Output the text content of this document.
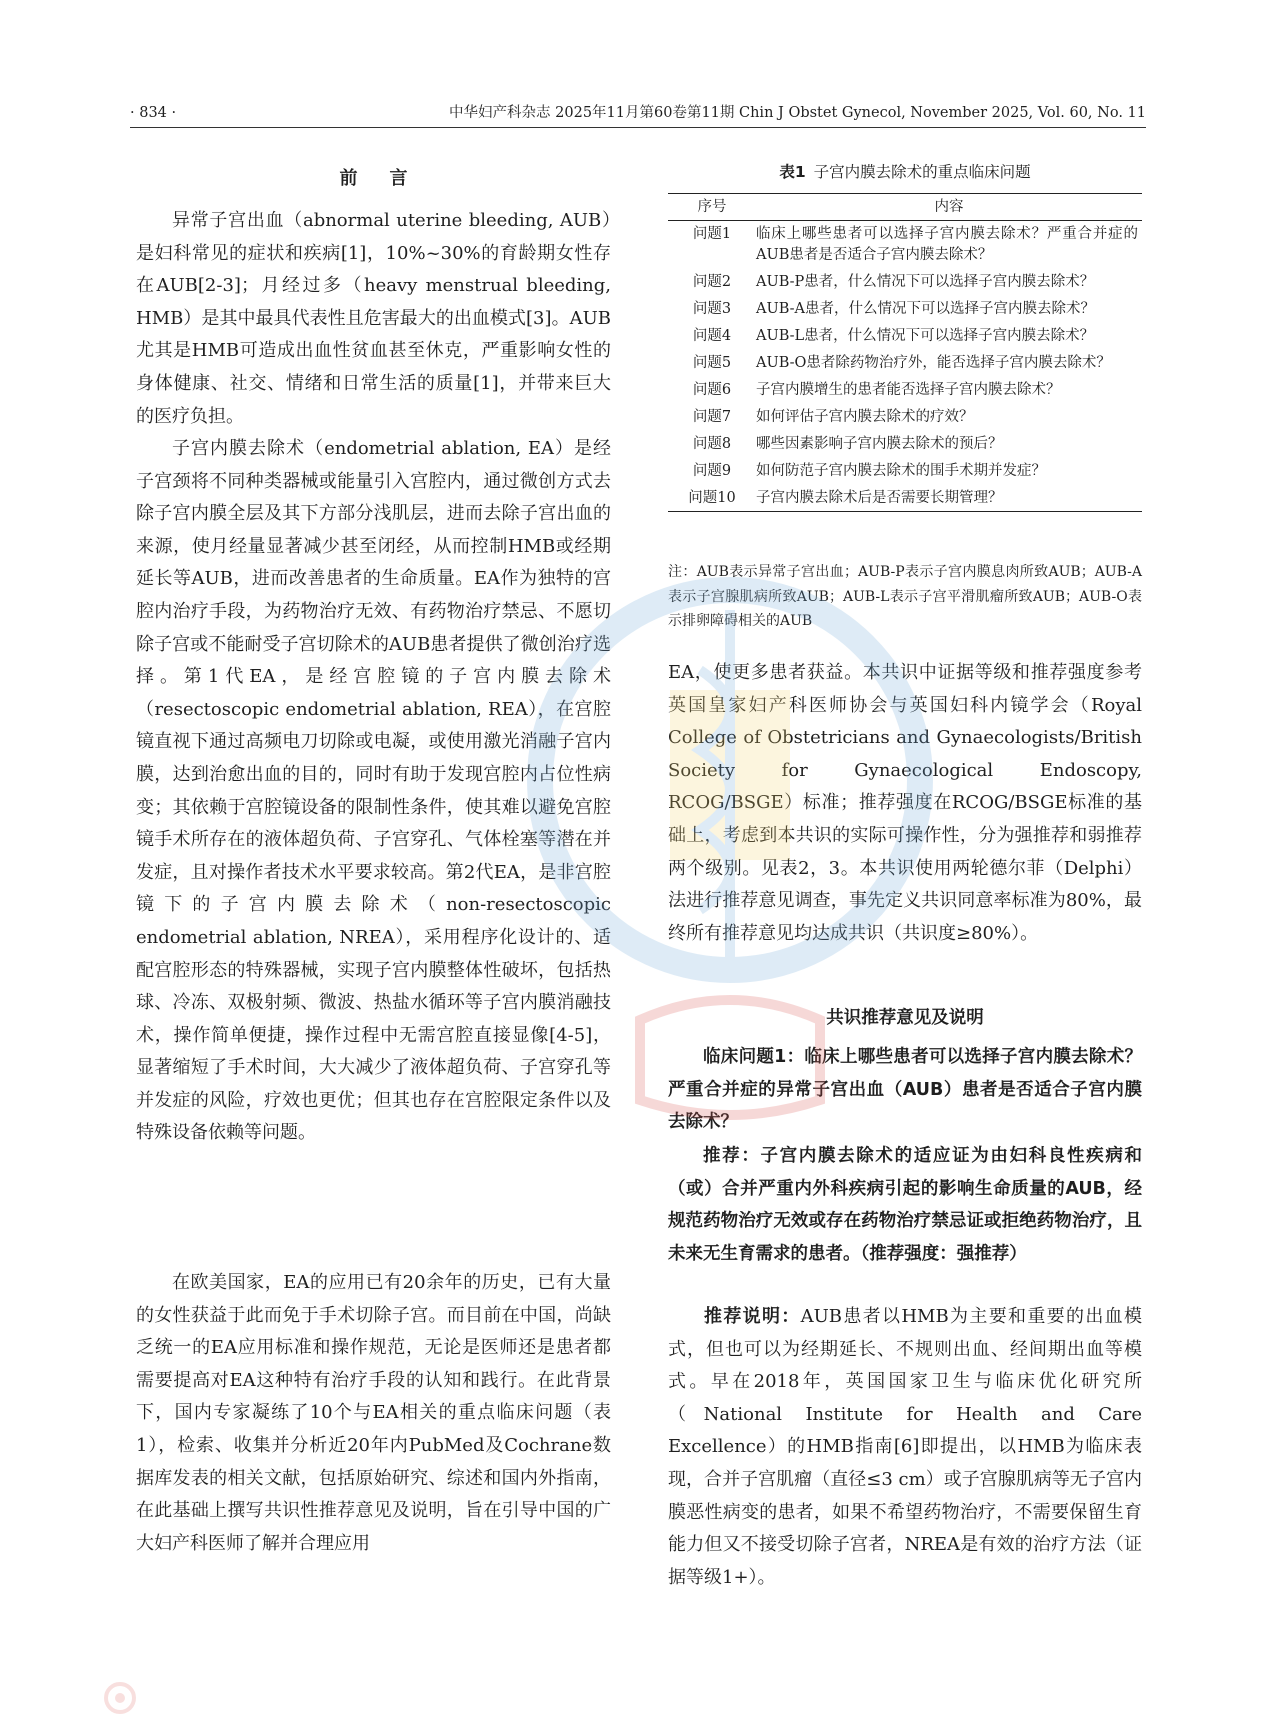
· 834 ·	中华妇产科杂志 2025年11月第60卷第11期 Chin J Obstet Gynecol, November 2025, Vol. 60, No. 11
前言

异常子宫出血（abnormal uterine bleeding, AUB）是妇科常见的症状和疾病[1]，10%~30%的育龄期女性存在AUB[2-3]；月经过多（heavy menstrual bleeding, HMB）是其中最具代表性且危害最大的出血模式[3]。AUB尤其是HMB可造成出血性贫血甚至休克，严重影响女性的身体健康、社交、情绪和日常生活的质量[1]，并带来巨大的医疗负担。

子宫内膜去除术（endometrial ablation, EA）是经子宫颈将不同种类器械或能量引入宫腔内，通过微创方式去除子宫内膜全层及其下方部分浅肌层，进而去除子宫出血的来源，使月经量显著减少甚至闭经，从而控制HMB或经期延长等AUB，进而改善患者的生命质量。EA作为独特的宫腔内治疗手段，为药物治疗无效、有药物治疗禁忌、不愿切除子宫或不能耐受子宫切除术的AUB患者提供了微创治疗选择。第1代EA，是经宫腔镜的子宫内膜去除术（resectoscopic endometrial ablation, REA），在宫腔镜直视下通过高频电刀切除或电凝，或使用激光消融子宫内膜，达到治愈出血的目的，同时有助于发现宫腔内占位性病变；其依赖于宫腔镜设备的限制性条件，使其难以避免宫腔镜手术所存在的液体超负荷、子宫穿孔、气体栓塞等潜在并发症，且对操作者技术水平要求较高。第2代EA，是非宫腔镜下的子宫内膜去除术（non-resectoscopic endometrial ablation, NREA），采用程序化设计的、适配宫腔形态的特殊器械，实现子宫内膜整体性破坏，包括热球、冷冻、双极射频、微波、热盐水循环等子宫内膜消融技术，操作简单便捷，操作过程中无需宫腔直接显像[4-5]，显著缩短了手术时间，大大减少了液体超负荷、子宫穿孔等并发症的风险，疗效也更优；但其也存在宫腔限定条件以及特殊设备依赖等问题。

在欧美国家，EA的应用已有20余年的历史，已有大量的女性获益于此而免于手术切除子宫。而目前在中国，尚缺乏统一的EA应用标准和操作规范，无论是医师还是患者都需要提高对EA这种特有治疗手段的认知和践行。在此背景下，国内专家凝练了10个与EA相关的重点临床问题（表1），检索、收集并分析近20年内PubMed及Cochrane数据库发表的相关文献，包括原始研究、综述和国内外指南，在此基础上撰写共识性推荐意见及说明，旨在引导中国的广大妇产科医师了解并合理应用

表1 子宫内膜去除术的重点临床问题
序号	内容
问题1	临床上哪些患者可以选择子宫内膜去除术？严重合并症的AUB患者是否适合子宫内膜去除术？
问题2	AUB-P患者，什么情况下可以选择子宫内膜去除术？
问题3	AUB-A患者，什么情况下可以选择子宫内膜去除术？
问题4	AUB-L患者，什么情况下可以选择子宫内膜去除术？
问题5	AUB-O患者除药物治疗外，能否选择子宫内膜去除术？
问题6	子宫内膜增生的患者能否选择子宫内膜去除术？
问题7	如何评估子宫内膜去除术的疗效？
问题8	哪些因素影响子宫内膜去除术的预后？
问题9	如何防范子宫内膜去除术的围手术期并发症？
问题10	子宫内膜去除术后是否需要长期管理？
注：AUB表示异常子宫出血；AUB-P表示子宫内膜息肉所致AUB；AUB-A表示子宫腺肌病所致AUB；AUB-L表示子宫平滑肌瘤所致AUB；AUB-O表示排卵障碍相关的AUB

EA，使更多患者获益。本共识中证据等级和推荐强度参考英国皇家妇产科医师协会与英国妇科内镜学会（Royal College of Obstetricians and Gynaecologists/British Society for Gynaecological Endoscopy, RCOG/BSGE）标准；推荐强度在RCOG/BSGE标准的基础上，考虑到本共识的实际可操作性，分为强推荐和弱推荐两个级别。见表2，3。本共识使用两轮德尔菲（Delphi）法进行推荐意见调查，事先定义共识同意率标准为80%，最终所有推荐意见均达成共识（共识度≥80%）。

共识推荐意见及说明

临床问题1：临床上哪些患者可以选择子宫内膜去除术？严重合并症的异常子宫出血（AUB）患者是否适合子宫内膜去除术？

推荐：子宫内膜去除术的适应证为由妇科良性疾病和（或）合并严重内外科疾病引起的影响生命质量的AUB，经规范药物治疗无效或存在药物治疗禁忌证或拒绝药物治疗，且未来无生育需求的患者。（推荐强度：强推荐）

推荐说明：AUB患者以HMB为主要和重要的出血模式，但也可以为经期延长、不规则出血、经间期出血等模式。早在2018年，英国国家卫生与临床优化研究所（National Institute for Health and Care Excellence）的HMB指南[6]即提出，以HMB为临床表现，合并子宫肌瘤（直径≤3 cm）或子宫腺肌病等无子宫内膜恶性病变的患者，如果不希望药物治疗，不需要保留生育能力但又不接受切除子宫者，NREA是有效的治疗方法（证据等级1+）。
